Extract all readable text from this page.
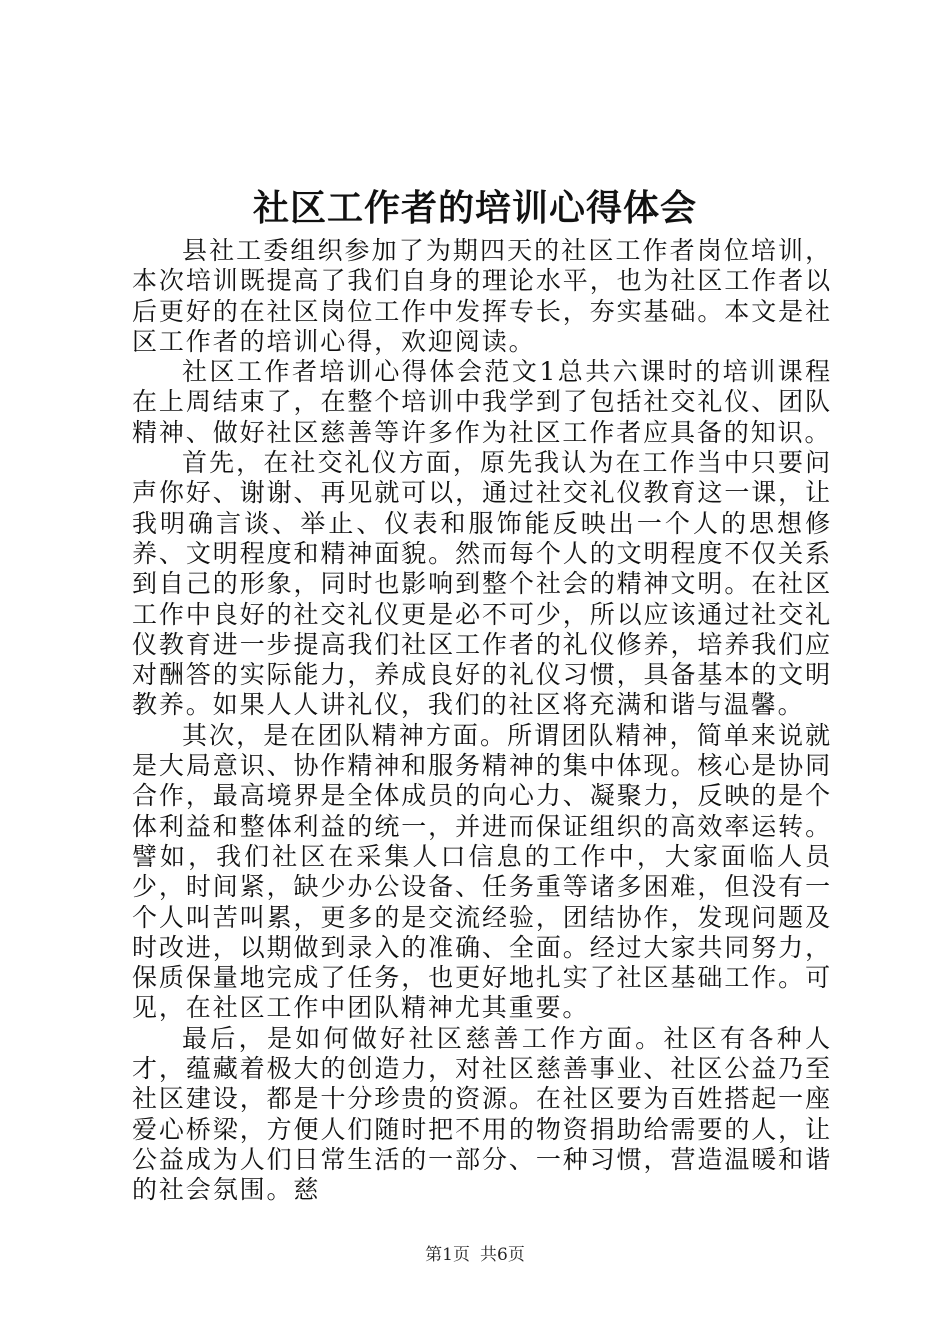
社区工作者的培训心得体会

县社工委组织参加了为期四天的社区工作者岗位培训，本次培训既提高了我们自身的理论水平，也为社区工作者以后更好的在社区岗位工作中发挥专长，夯实基础。本文是社区工作者的培训心得，欢迎阅读。

社区工作者培训心得体会范文1总共六课时的培训课程在上周结束了，在整个培训中我学到了包括社交礼仪、团队精神、做好社区慈善等许多作为社区工作者应具备的知识。

首先，在社交礼仪方面，原先我认为在工作当中只要问声你好、谢谢、再见就可以，通过社交礼仪教育这一课，让我明确言谈、举止、仪表和服饰能反映出一个人的思想修养、文明程度和精神面貌。然而每个人的文明程度不仅关系到自己的形象，同时也影响到整个社会的精神文明。在社区工作中良好的社交礼仪更是必不可少，所以应该通过社交礼仪教育进一步提高我们社区工作者的礼仪修养，培养我们应对酬答的实际能力，养成良好的礼仪习惯，具备基本的文明教养。如果人人讲礼仪，我们的社区将充满和谐与温馨。

其次，是在团队精神方面。所谓团队精神，简单来说就是大局意识、协作精神和服务精神的集中体现。核心是协同合作，最高境界是全体成员的向心力、凝聚力，反映的是个体利益和整体利益的统一，并进而保证组织的高效率运转。譬如，我们社区在采集人口信息的工作中，大家面临人员少，时间紧，缺少办公设备、任务重等诸多困难，但没有一个人叫苦叫累，更多的是交流经验，团结协作，发现问题及时改进，以期做到录入的准确、全面。经过大家共同努力，保质保量地完成了任务，也更好地扎实了社区基础工作。可见，在社区工作中团队精神尤其重要。

最后，是如何做好社区慈善工作方面。社区有各种人才，蕴藏着极大的创造力，对社区慈善事业、社区公益乃至社区建设，都是十分珍贵的资源。在社区要为百姓搭起一座爱心桥梁，方便人们随时把不用的物资捐助给需要的人，让公益成为人们日常生活的一部分、一种习惯，营造温暖和谐的社会氛围。慈

第1页 共6页
